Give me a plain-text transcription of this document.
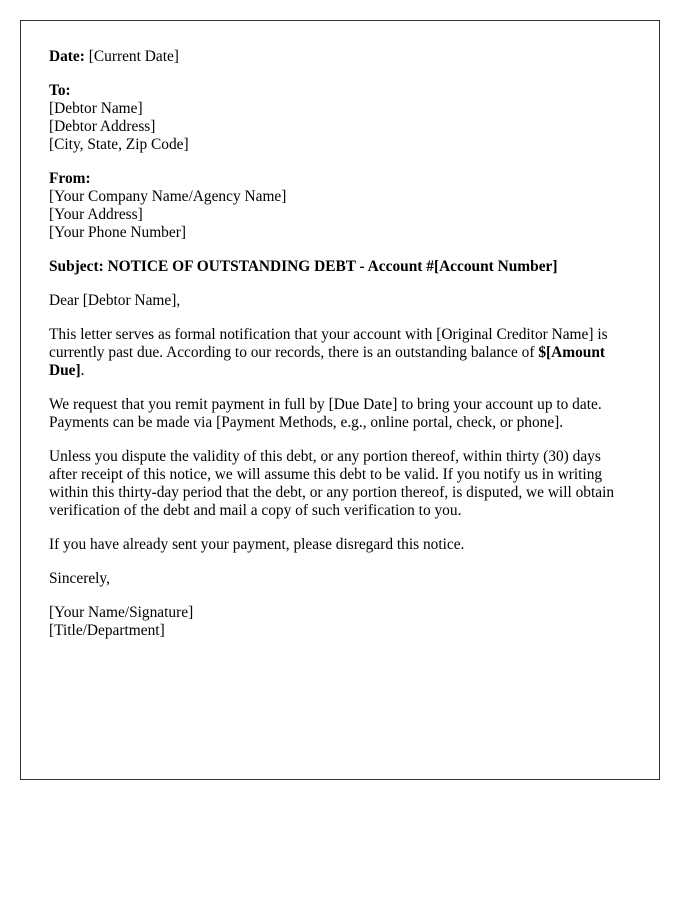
Date: [Current Date]
To:
[Debtor Name]
[Debtor Address]
[City, State, Zip Code]
From:
[Your Company Name/Agency Name]
[Your Address]
[Your Phone Number]

Subject: NOTICE OF OUTSTANDING DEBT - Account #[Account Number]

Dear [Debtor Name],

This letter serves as formal notification that your account with [Original Creditor Name] is currently past due. According to our records, there is an outstanding balance of $[Amount Due].

We request that you remit payment in full by [Due Date] to bring your account up to date. Payments can be made via [Payment Methods, e.g., online portal, check, or phone].

Unless you dispute the validity of this debt, or any portion thereof, within thirty (30) days after receipt of this notice, we will assume this debt to be valid. If you notify us in writing within this thirty-day period that the debt, or any portion thereof, is disputed, we will obtain verification of the debt and mail a copy of such verification to you.

If you have already sent your payment, please disregard this notice.

Sincerely,

[Your Name/Signature]
[Title/Department]
